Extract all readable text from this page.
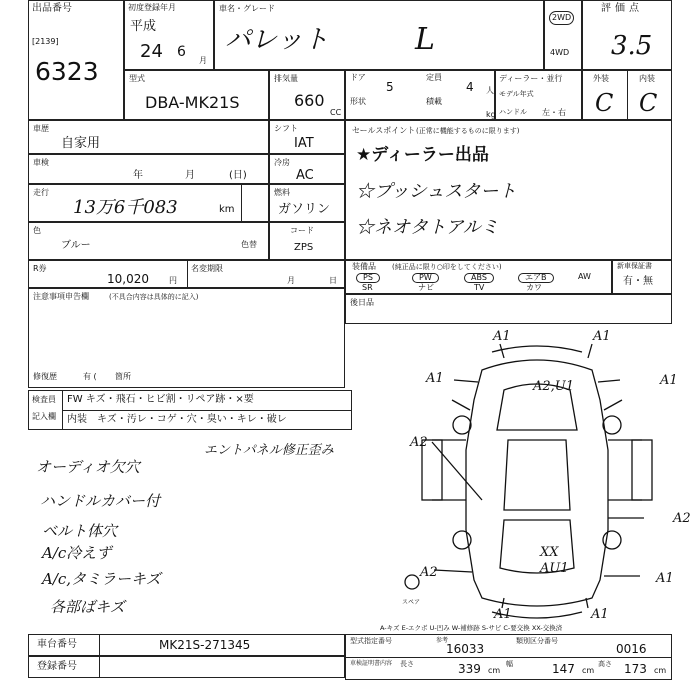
出品番号
[2139]
6323
初度登録年月
平成
24 6
月
車名・グレード
パレット	L
2WD
4WD
評価点
3.5
型式
DBA-MK21S
排気量
660
CC
ドア
5
定員
4 人
形状	積載
kg
ディーラー・並行
モデル年式
ハンドル 左・右
外装	内装
C C
車歴
自家用
車検
年	月	(日)
走行
13万6千083	km
色
ブルー	色替
R券
10,020	円
名変期限
月	日
注意事項申告欄	(不具合内容は具体的に記入)
修復歴	有 ( 箇所
シフト
IAT
冷房
AC
燃料
ガソリン
コード
ZPS
セールスポイント (正常に機能するものに限ります)
★ディーラー出品
☆プッシュスタート
☆ネオタトアルミ
装備品 (純正品に限り○印をしてください)
PS	PW	ABS	エアB	AW
SR	ナビ	TV	カワ
新車保証書
有・無
後日品
検査員
記入欄
FW キズ・飛石・ヒビ割・リペア跡・×要
内装 キズ・汚レ・コゲ・穴・臭い・キレ・破レ
エントパネル修正歪み
オーディオ欠穴
ハンドルカバー付
ベルト体穴
A/c冷えず
A/c,タミラーキズ
各部ばキズ
A1	A1
A1	A1
A2,U1
A2
A2
A2
XX
AU1
A1
A1	A1
スペア
A-キズ E-エクボ U-凹み W-補修跡 S-サビ C-要交換 XX-交換済
車台番号	MK21S-271345
登録番号
型式指定番号	参考
16033
類別区分番号
0016
車検証明書内容 長さ	339 cm
幅	147 cm
高さ 173 cm
